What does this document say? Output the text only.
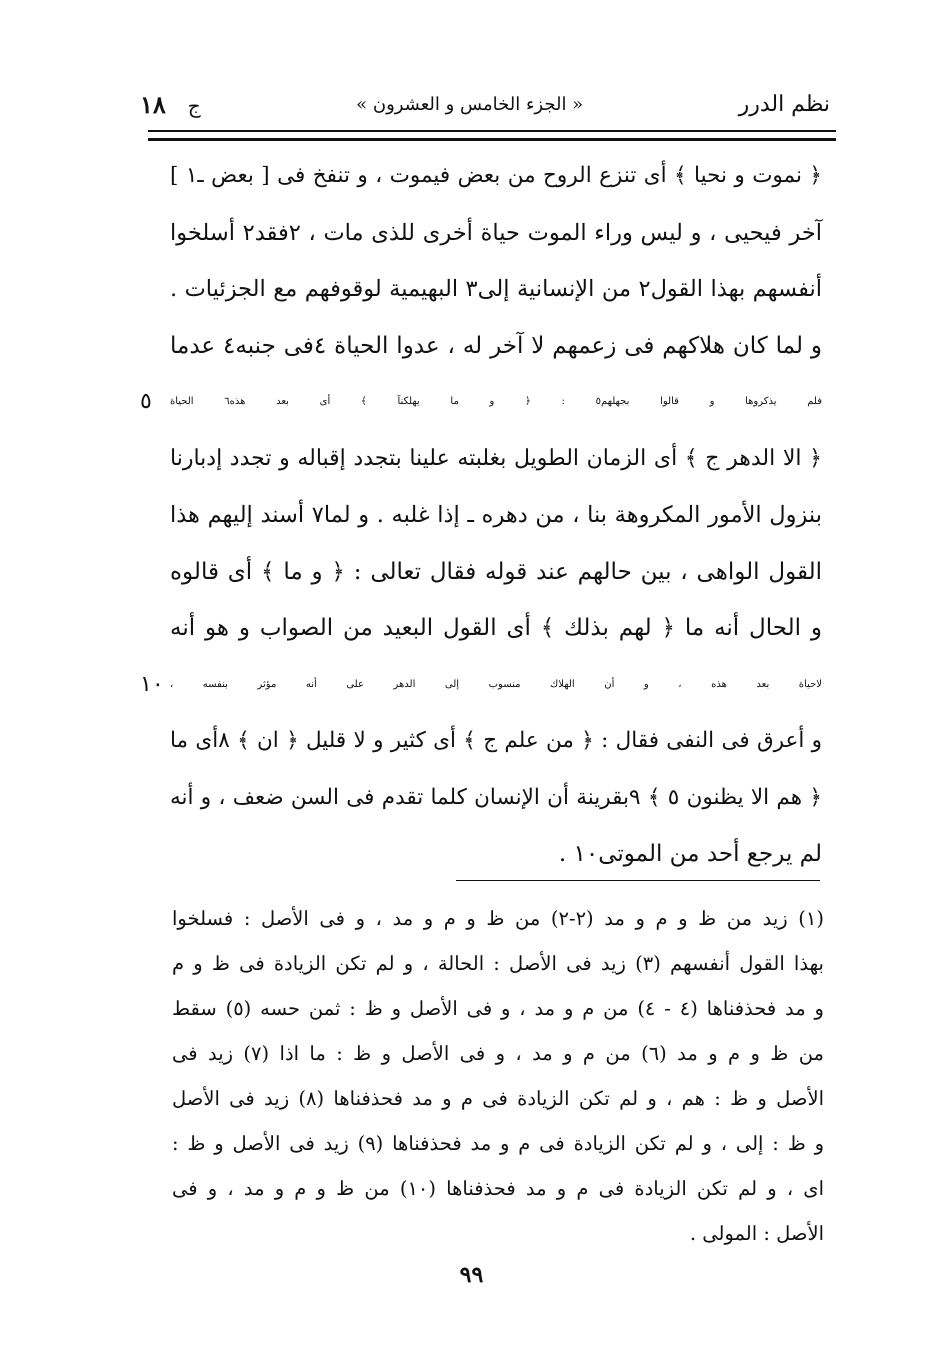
نظم الدرر
« الجزء الخامس و العشرون »
ج
١٨
﴿ نموت و نحيا ﴾ أى تنزع الروح من بعض فيموت ، و تنفخ فى [ بعض ـ١ ]
آخر فيحيى ، و ليس وراء الموت حياة أخرى للذى مات ، ٢فقد٢ أسلخوا
أنفسهم بهذا القول٢ من الإنسانية إلى٣ البهيمية لوقوفهم مع الجزئيات .
و لما كان هلاكهم فى زعمهم لا آخر له ، عدوا الحياة ٤فى جنبه٤ عدما
فلم يذكروها و قالوا بجهلهم٥ : ﴿ و ما يهلكنآ ﴾ أى بعد هذه٦ الحياة
٥
﴿ الا الدهر ج ﴾ أى الزمان الطويل بغلبته علينا بتجدد إقباله و تجدد إدبارنا
بنزول الأمور المكروهة بنا ، من دهره ـ إذا غلبه . و لما٧ أسند إليهم هذا
القول الواهى ، بين حالهم عند قوله فقال تعالى : ﴿ و ما ﴾ أى قالوه
و الحال أنه ما ﴿ لهم بذلك ﴾ أى القول البعيد من الصواب و هو أنه
لاحياة بعد هذه ، و أن الهلاك منسوب إلى الدهر على أنه مؤثر بنفسه ،
١٠
و أعرق فى النفى فقال : ﴿ من علم ج ﴾ أى كثير و لا قليل ﴿ ان ﴾ ٨أى ما
﴿ هم الا يظنون ٥ ﴾ ٩بقرينة أن الإنسان كلما تقدم فى السن ضعف ، و أنه
لم يرجع أحد من الموتى١٠ .
(١) زيد من ظ و م و مد (٢-٢) من ظ و م و مد ، و فى الأصل : فسلخوا
بهذا القول أنفسهم (٣) زيد فى الأصل : الحالة ، و لم تكن الزيادة فى ظ و م
و مد فحذفناها (٤ - ٤) من م و مد ، و فى الأصل و ظ : ثمن حسه (٥) سقط
من ظ و م و مد (٦) من م و مد ، و فى الأصل و ظ : ما اذا (٧) زيد فى
الأصل و ظ : هم ، و لم تكن الزيادة فى م و مد فحذفناها (٨) زيد فى الأصل
و ظ : إلى ، و لم تكن الزيادة فى م و مد فحذفناها (٩) زيد فى الأصل و ظ :
اى ، و لم تكن الزيادة فى م و مد فحذفناها (١٠) من ظ و م و مد ، و فى
الأصل : المولى .
٩٩
